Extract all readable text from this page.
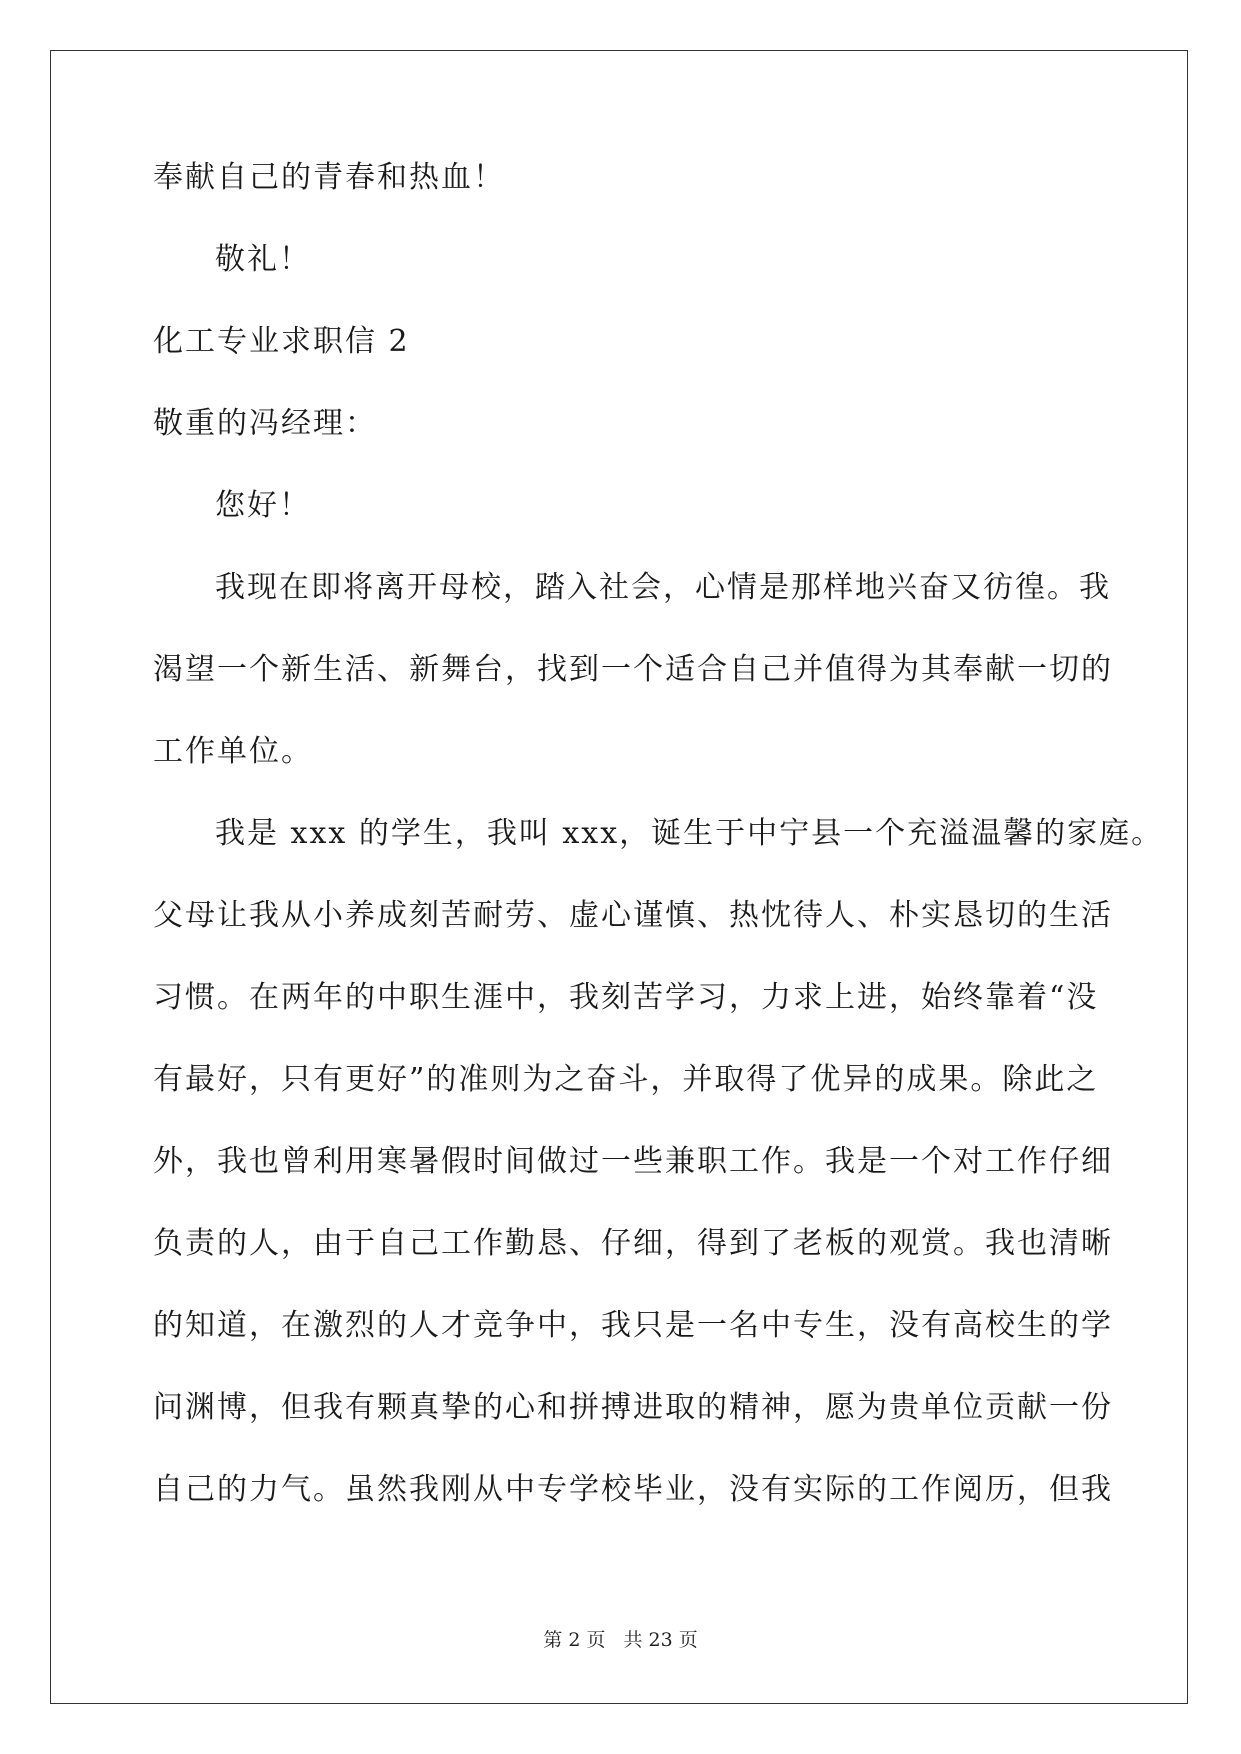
奉献自己的青春和热血！
敬礼！
化工专业求职信 2
敬重的冯经理：
您好！
我现在即将离开母校，踏入社会，心情是那样地兴奋又彷徨。我
渴望一个新生活、新舞台，找到一个适合自己并值得为其奉献一切的
工作单位。
我是 xxx 的学生，我叫 xxx，诞生于中宁县一个充溢温馨的家庭。
父母让我从小养成刻苦耐劳、虚心谨慎、热忱待人、朴实恳切的生活
习惯。在两年的中职生涯中，我刻苦学习，力求上进，始终靠着“没
有最好，只有更好”的准则为之奋斗，并取得了优异的成果。除此之
外，我也曾利用寒暑假时间做过一些兼职工作。我是一个对工作仔细
负责的人，由于自己工作勤恳、仔细，得到了老板的观赏。我也清晰
的知道，在激烈的人才竞争中，我只是一名中专生，没有高校生的学
问渊博，但我有颗真挚的心和拼搏进取的精神，愿为贵单位贡献一份
自己的力气。虽然我刚从中专学校毕业，没有实际的工作阅历，但我
第 2 页 共 23 页
